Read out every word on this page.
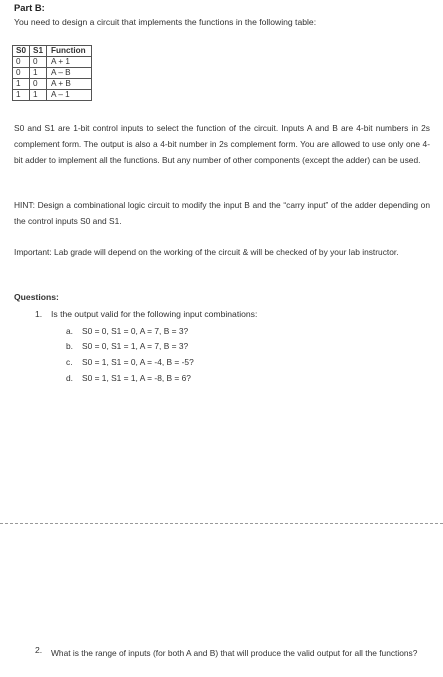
Part B:
You need to design a circuit that implements the functions in the following table:
S0	S1	Function
0	0	A + 1
0	1	A – B
1	0	A + B
1	1	A – 1
S0 and S1 are 1-bit control inputs to select the function of the circuit. Inputs A and B are 4-bit numbers in 2s complement form. The output is also a 4-bit number in 2s complement form. You are allowed to use only one 4-bit adder to implement all the functions. But any number of other components (except the adder) can be used.
HINT: Design a combinational logic circuit to modify the input B and the “carry input” of the adder depending on the control inputs S0 and S1.
Important: Lab grade will depend on the working of the circuit & will be checked of by your lab instructor.
Questions:
1. Is the output valid for the following input combinations:
a. S0 = 0, S1 = 0, A = 7, B = 3?
b. S0 = 0, S1 = 1, A = 7, B = 3?
c. S0 = 1, S1 = 0, A = -4, B = -5?
d. S0 = 1, S1 = 1, A = -8, B = 6?
2. What is the range of inputs (for both A and B) that will produce the valid output for all the functions?
